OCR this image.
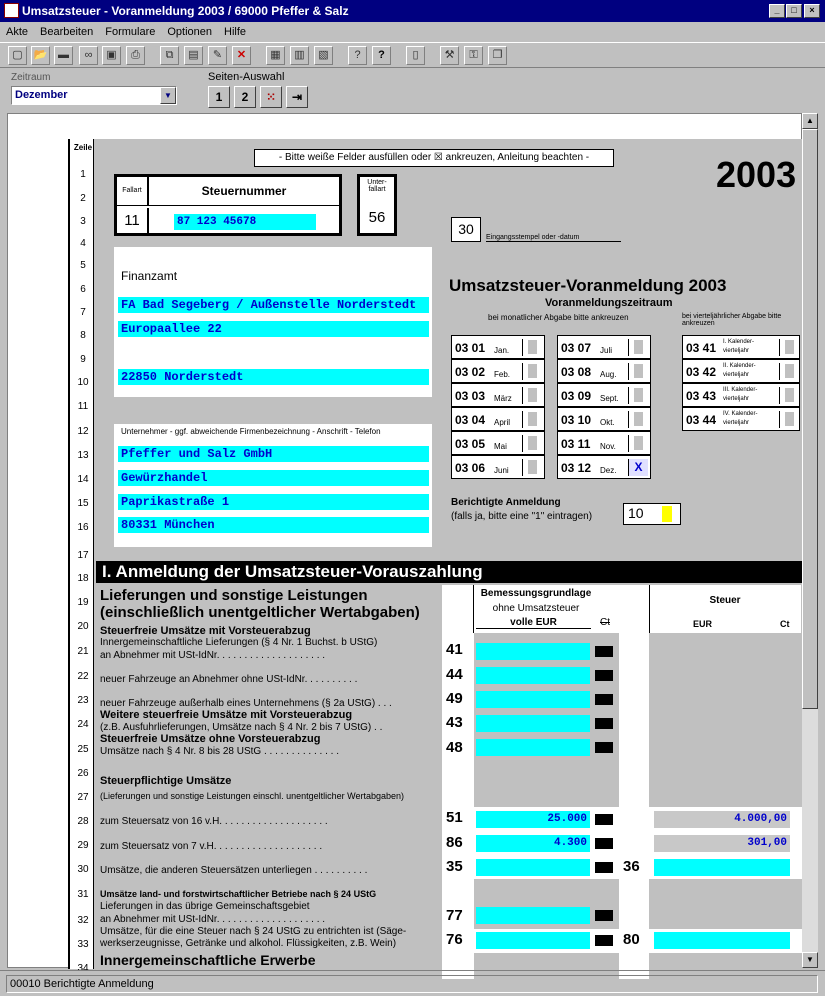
Umsatzsteuer - Voranmeldung 2003 / 69000 Pfeffer & Salz	_	□	×
Akte Bearbeiten Formulare Optionen Hilfe
▢ 📂 ▬	∞	▣	⎙	⧉	▤	✎	✕	▦	▥	▧	?	?	▯	⚒	⚿	❐
Zeitraum
Dezember	▼
Seiten-Auswahl
1	2	⁙	⇥
Zeile
1
2
3
4
5
6
7
8
9
10
11
12
13
14
15
16
17
18
19
20
21
22
23
24
25
26
27
28
29
30
31
32
33
34
- Bitte weiße Felder ausfüllen oder ☒ ankreuzen, Anleitung beachten -	2003
Fallart	Steuernummer
11	87 123 45678
Unter-fallart
56
30
Eingangsstempel oder -datum
Finanzamt
FA Bad Segeberg / Außenstelle Norderstedt
Europaallee 22
22850 Norderstedt
Umsatzsteuer-Voranmeldung 2003
Voranmeldungszeitraum
bei monatlicher Abgabe bitte ankreuzen	bei vierteljährlicher Abgabe bitte ankreuzen
03 01 Jan.
03 02 Feb.
03 03 März
03 04 April
03 05 Mai
03 06 Juni
03 07 Juli
03 08 Aug.
03 09 Sept.
03 10 Okt.
03 11 Nov.
03 12 Dez.	X
03 41 I. Kalender-vierteljahr
03 42 II. Kalender-vierteljahr
03 43 III. Kalender-vierteljahr
03 44 IV. Kalender-vierteljahr
Unternehmer - ggf. abweichende Firmenbezeichnung - Anschrift - Telefon
Pfeffer und Salz GmbH
Gewürzhandel
Paprikastraße 1
80331 München
Berichtigte Anmeldung
(falls ja, bitte eine "1" eintragen)	10
I. Anmeldung der Umsatzsteuer-Vorauszahlung
Bemessungsgrundlage
ohne Umsatzsteuer
volle EUR	Ct
Steuer
EUR	Ct
Lieferungen und sonstige Leistungen
(einschließlich unentgeltlicher Wertabgaben)
Steuerfreie Umsätze mit Vorsteuerabzug
Innergemeinschaftliche Lieferungen (§ 4 Nr. 1 Buchst. b UStG)
an Abnehmer mit USt-IdNr. . . . . . . . . . . . . . . . . . . .
neuer Fahrzeuge an Abnehmer ohne USt-IdNr. . . . . . . . . .
neuer Fahrzeuge außerhalb eines Unternehmens (§ 2a UStG) . . .
Weitere steuerfreie Umsätze mit Vorsteuerabzug
(z.B. Ausfuhrlieferungen, Umsätze nach § 4 Nr. 2 bis 7 UStG) . .
Steuerfreie Umsätze ohne Vorsteuerabzug
Umsätze nach § 4 Nr. 8 bis 28 UStG . . . . . . . . . . . . . .
41
44
49
43
48
Steuerpflichtige Umsätze
(Lieferungen und sonstige Leistungen einschl. unentgeltlicher Wertabgaben)
zum Steuersatz von 16 v.H. . . . . . . . . . . . . . . . . . . .
zum Steuersatz von 7 v.H. . . . . . . . . . . . . . . . . . . .
Umsätze, die anderen Steuersätzen unterliegen . . . . . . . . . .
51
86
35	36
25.000
4.300
4.000,00
301,00
Umsätze land- und forstwirtschaftlicher Betriebe nach § 24 UStG
Lieferungen in das übrige Gemeinschaftsgebiet
an Abnehmer mit USt-IdNr. . . . . . . . . . . . . . . . . . . .
Umsätze, für die eine Steuer nach § 24 UStG zu entrichten ist (Säge-
werkserzeugnisse, Getränke und alkohol. Flüssigkeiten, z.B. Wein)
77
76	80
Innergemeinschaftliche Erwerbe
▲
▼
00010 Berichtigte Anmeldung
